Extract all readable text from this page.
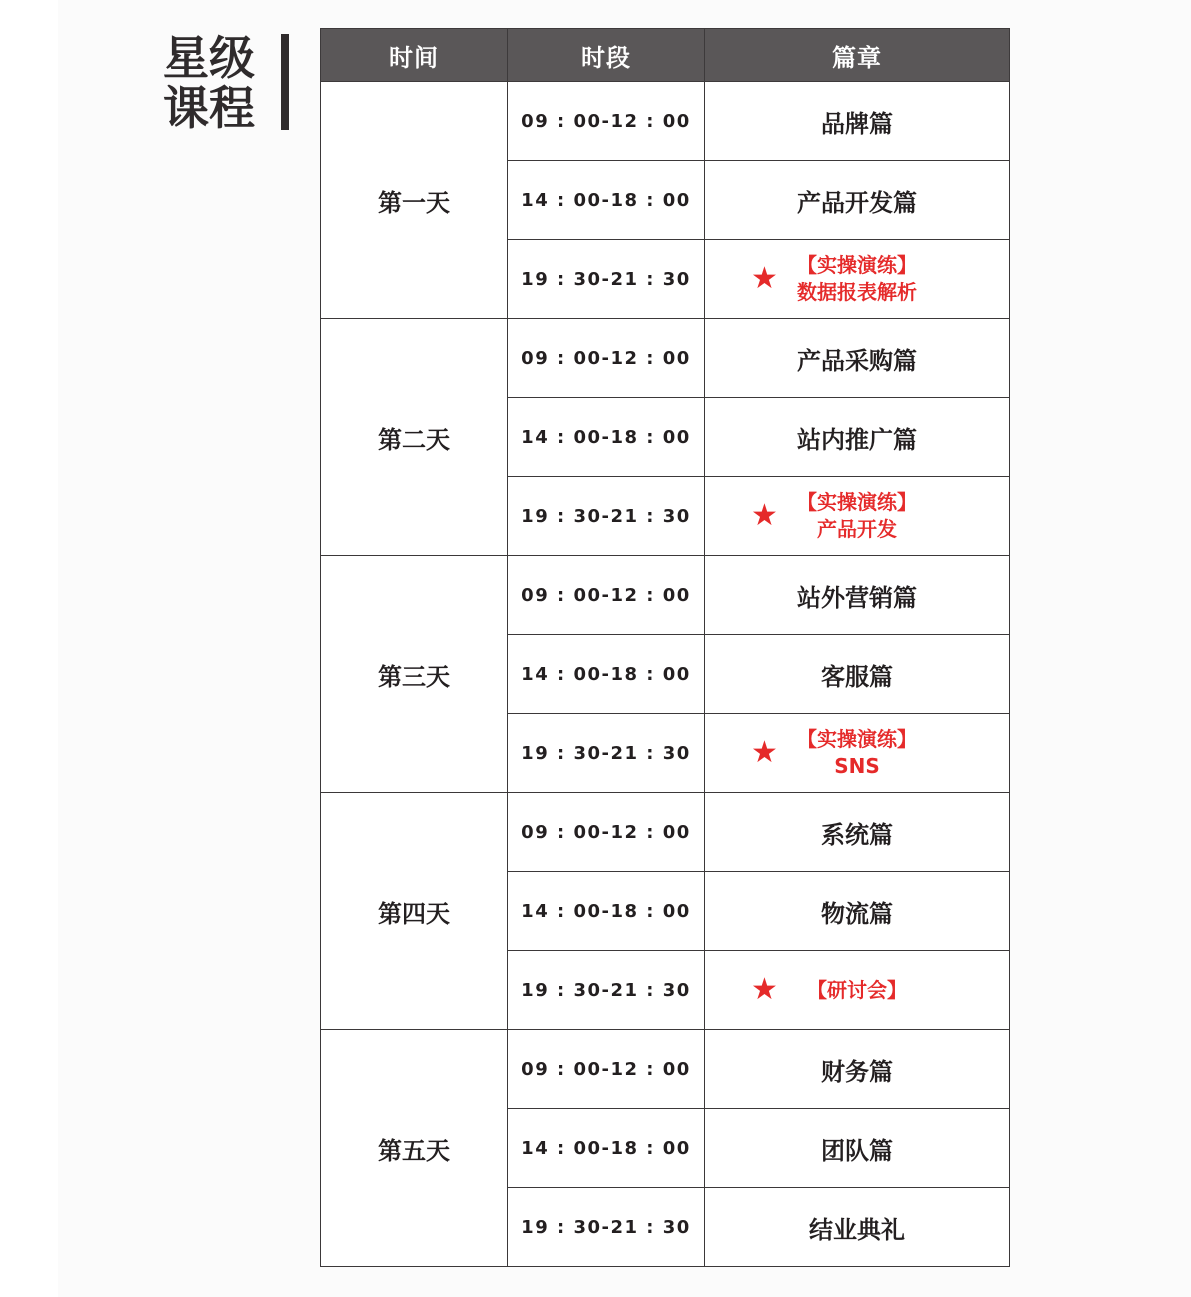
星级
课程
时间	时段	篇章
第一天	09 : 00-12 : 00	品牌篇
	14 : 00-18 : 00	产品开发篇
	19 : 30-21 : 30	★ 【实操演练】
数据报表解析

第二天	09 : 00-12 : 00	产品采购篇
	14 : 00-18 : 00	站内推广篇
	19 : 30-21 : 30	★ 【实操演练】
产品开发

第三天	09 : 00-12 : 00	站外营销篇
	14 : 00-18 : 00	客服篇
	19 : 30-21 : 30	★ 【实操演练】
SNS

第四天	09 : 00-12 : 00	系统篇
	14 : 00-18 : 00	物流篇
	19 : 30-21 : 30	★ 【研讨会】

第五天	09 : 00-12 : 00	财务篇
	14 : 00-18 : 00	团队篇
	19 : 30-21 : 30	结业典礼
